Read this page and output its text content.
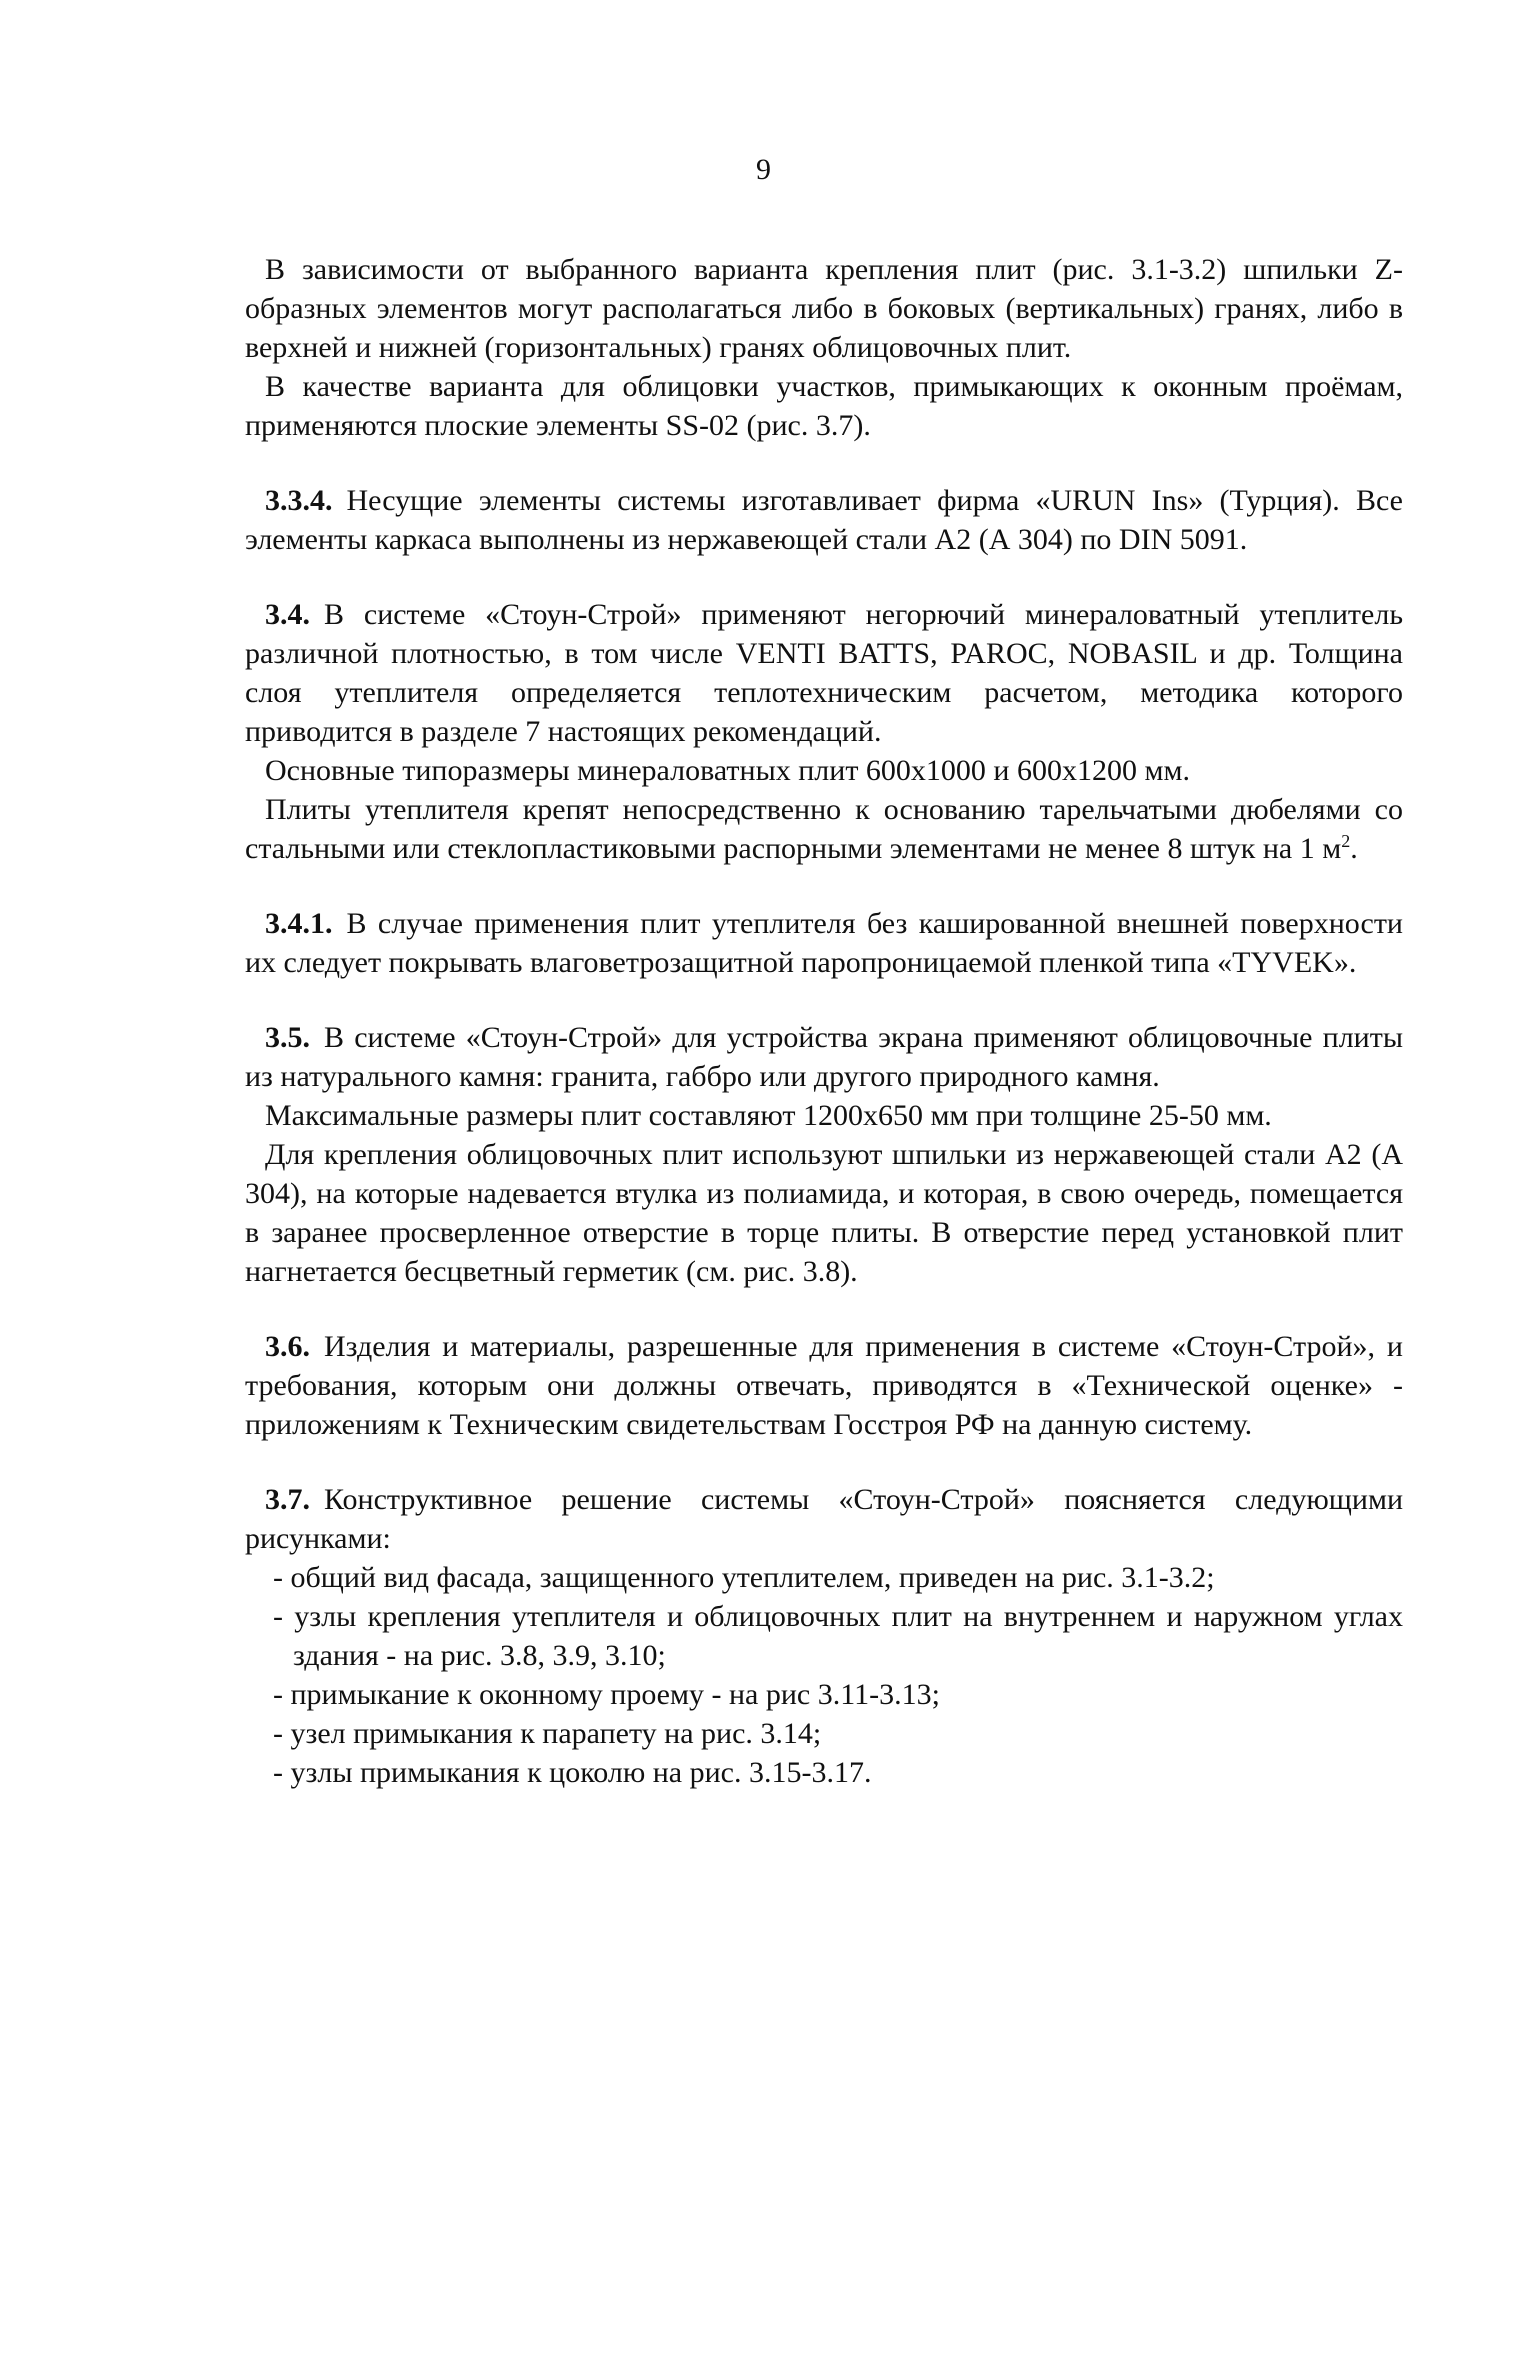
9

В зависимости от выбранного варианта крепления плит (рис. 3.1-3.2) шпильки Z-образных элементов могут располагаться либо в боковых (вертикальных) гранях, либо в верхней и нижней (горизонтальных) гранях облицовочных плит.

В качестве варианта для облицовки участков, примыкающих к оконным проёмам, применяются плоские элементы SS-02 (рис. 3.7).

3.3.4. Несущие элементы системы изготавливает фирма «URUN Ins» (Турция). Все элементы каркаса выполнены из нержавеющей стали А2 (А 304) по DIN 5091.

3.4. В системе «Стоун-Строй» применяют негорючий минераловатный утеплитель различной плотностью, в том числе VENTI BATTS, PAROC, NOBASIL и др. Толщина слоя утеплителя определяется теплотехническим расчетом, методика которого приводится в разделе 7 настоящих рекомендаций.

Основные типоразмеры минераловатных плит 600х1000 и 600х1200 мм.

Плиты утеплителя крепят непосредственно к основанию тарельчатыми дюбелями со стальными или стеклопластиковыми распорными элементами не менее 8 штук на 1 $м^2$.

3.4.1. В случае применения плит утеплителя без кашированной внешней поверхности их следует покрывать влаговетрозащитной паропроницаемой пленкой типа «TYVEK».

3.5. В системе «Стоун-Строй» для устройства экрана применяют облицовочные плиты из натурального камня: гранита, габбро или другого природного камня.

Максимальные размеры плит составляют 1200х650 мм при толщине 25-50 мм.

Для крепления облицовочных плит используют шпильки из нержавеющей стали А2 (А 304), на которые надевается втулка из полиамида, и которая, в свою очередь, помещается в заранее просверленное отверстие в торце плиты. В отверстие перед установкой плит нагнетается бесцветный герметик (см. рис. 3.8).

3.6. Изделия и материалы, разрешенные для применения в системе «Стоун-Строй», и требования, которым они должны отвечать, приводятся в «Технической оценке» - приложениям к Техническим свидетельствам Госстроя РФ на данную систему.

3.7. Конструктивное решение системы «Стоун-Строй» поясняется следующими рисунками:

- общий вид фасада, защищенного утеплителем, приведен на рис. 3.1-3.2;
- узлы крепления утеплителя и облицовочных плит на внутреннем и наружном углах здания - на рис. 3.8, 3.9, 3.10;
- примыкание к оконному проему - на рис 3.11-3.13;
- узел примыкания к парапету на рис. 3.14;
- узлы примыкания к цоколю на рис. 3.15-3.17.
